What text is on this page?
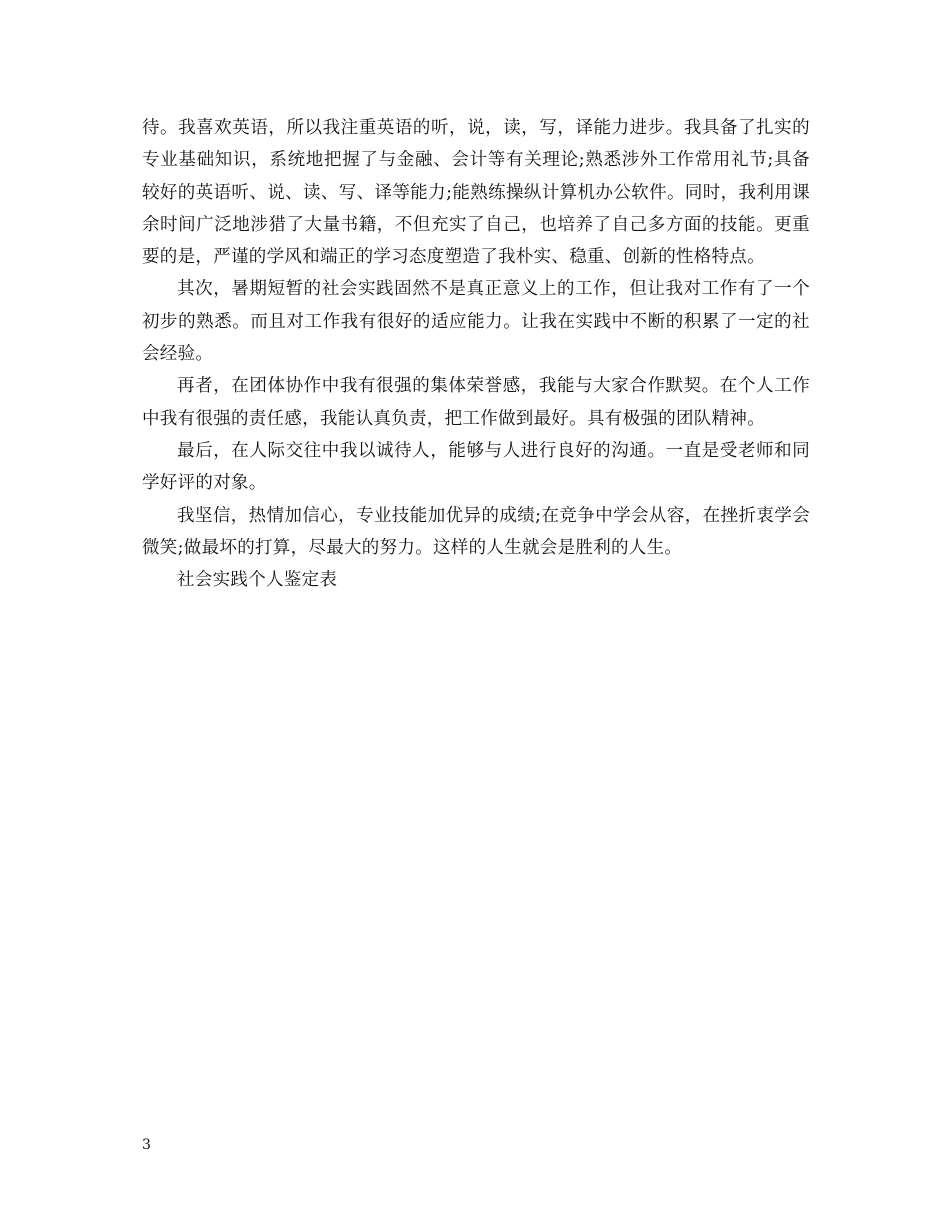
待。我喜欢英语，所以我注重英语的听，说，读，写，译能力进步。我具备了扎实的专业基础知识，系统地把握了与金融、会计等有关理论;熟悉涉外工作常用礼节;具备较好的英语听、说、读、写、译等能力;能熟练操纵计算机办公软件。同时，我利用课余时间广泛地涉猎了大量书籍，不但充实了自己，也培养了自己多方面的技能。更重要的是，严谨的学风和端正的学习态度塑造了我朴实、稳重、创新的性格特点。

其次，暑期短暂的社会实践固然不是真正意义上的工作，但让我对工作有了一个初步的熟悉。而且对工作我有很好的适应能力。让我在实践中不断的积累了一定的社会经验。

再者，在团体协作中我有很强的集体荣誉感，我能与大家合作默契。在个人工作中我有很强的责任感，我能认真负责，把工作做到最好。具有极强的团队精神。

最后，在人际交往中我以诚待人，能够与人进行良好的沟通。一直是受老师和同学好评的对象。

我坚信，热情加信心，专业技能加优异的成绩;在竞争中学会从容，在挫折衷学会微笑;做最坏的打算，尽最大的努力。这样的人生就会是胜利的人生。

社会实践个人鉴定表

3
